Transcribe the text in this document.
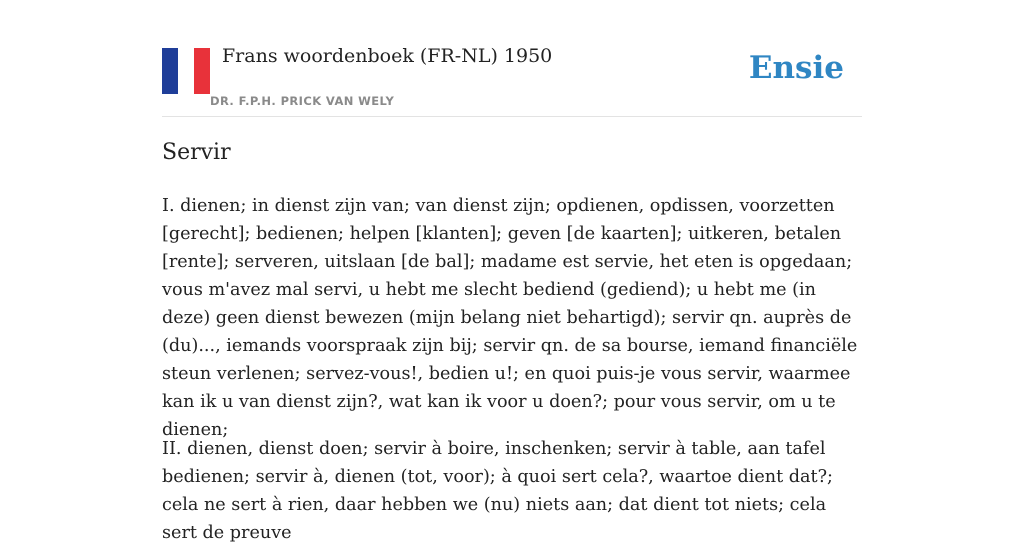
Frans woordenboek (FR-NL) 1950
DR. F.P.H. PRICK VAN WELY
Ensie
Servir

I. dienen; in dienst zijn van; van dienst zijn; opdienen, opdissen, voorzetten [gerecht]; bedienen; helpen [klanten]; geven [de kaarten]; uitkeren, betalen [rente]; serveren, uitslaan [de bal]; madame est servie, het eten is opgedaan; vous m'avez mal servi, u hebt me slecht bediend (gediend); u hebt me (in deze) geen dienst bewezen (mijn belang niet behartigd); servir qn. auprès de (du)..., iemands voorspraak zijn bij; servir qn. de sa bourse, iemand financiële steun verlenen; servez-vous!, bedien u!; en quoi puis-je vous servir, waarmee kan ik u van dienst zijn?, wat kan ik voor u doen?; pour vous servir, om u te dienen;

II. dienen, dienst doen; servir à boire, inschenken; servir à table, aan tafel bedienen; servir à, dienen (tot, voor); à quoi sert cela?, waartoe dient dat?; cela ne sert à rien, daar hebben we (nu) niets aan; dat dient tot niets; cela sert de preuve
